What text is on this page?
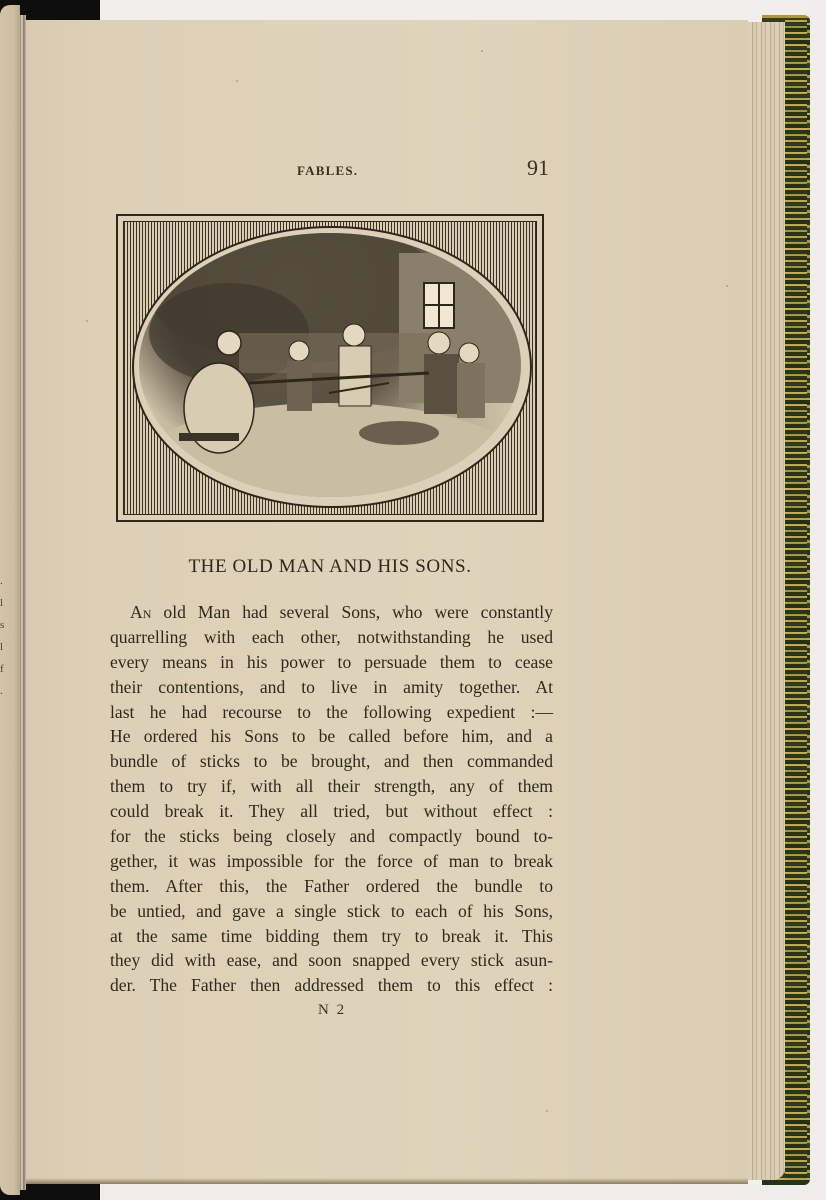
.
l
s
l
f
.
FABLES.	91
THE OLD MAN AND HIS SONS.
An old Man had several Sons, who were constantly
quarrelling with each other, notwithstanding he used
every means in his power to persuade them to cease
their contentions, and to live in amity together. At
last he had recourse to the following expedient :—
He ordered his Sons to be called before him, and a
bundle of sticks to be brought, and then commanded
them to try if, with all their strength, any of them
could break it. They all tried, but without effect :
for the sticks being closely and compactly bound to-
gether, it was impossible for the force of man to break
them. After this, the Father ordered the bundle to
be untied, and gave a single stick to each of his Sons,
at the same time bidding them try to break it. This
they did with ease, and soon snapped every stick asun-
der. The Father then addressed them to this effect :
N 2
